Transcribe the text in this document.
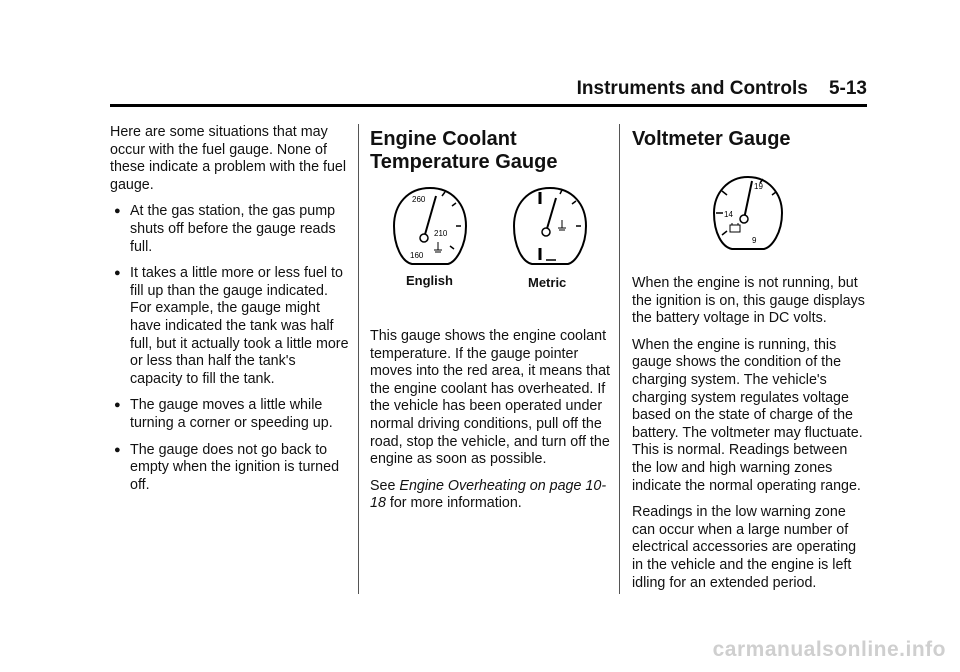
Instruments and Controls 5-13

Here are some situations that may occur with the fuel gauge. None of these indicate a problem with the fuel gauge.

● At the gas station, the gas pump shuts off before the gauge reads full.
● It takes a little more or less fuel to fill up than the gauge indicated. For example, the gauge might have indicated the tank was half full, but it actually took a little more or less than half the tank's capacity to fill the tank.
● The gauge moves a little while turning a corner or speeding up.
● The gauge does not go back to empty when the ignition is turned off.
Engine Coolant
Temperature Gauge
260
210
160
English	Metric

This gauge shows the engine coolant temperature. If the gauge pointer moves into the red area, it means that the engine coolant has overheated. If the vehicle has been operated under normal driving conditions, pull off the road, stop the vehicle, and turn off the engine as soon as possible.

See Engine Overheating on page 10-18 for more information.

Voltmeter Gauge
19
14
9

When the engine is not running, but the ignition is on, this gauge displays the battery voltage in DC volts.

When the engine is running, this gauge shows the condition of the charging system. The vehicle's charging system regulates voltage based on the state of charge of the battery. The voltmeter may fluctuate. This is normal. Readings between the low and high warning zones indicate the normal operating range.

Readings in the low warning zone can occur when a large number of electrical accessories are operating in the vehicle and the engine is left idling for an extended period.

carmanualsonline.info
